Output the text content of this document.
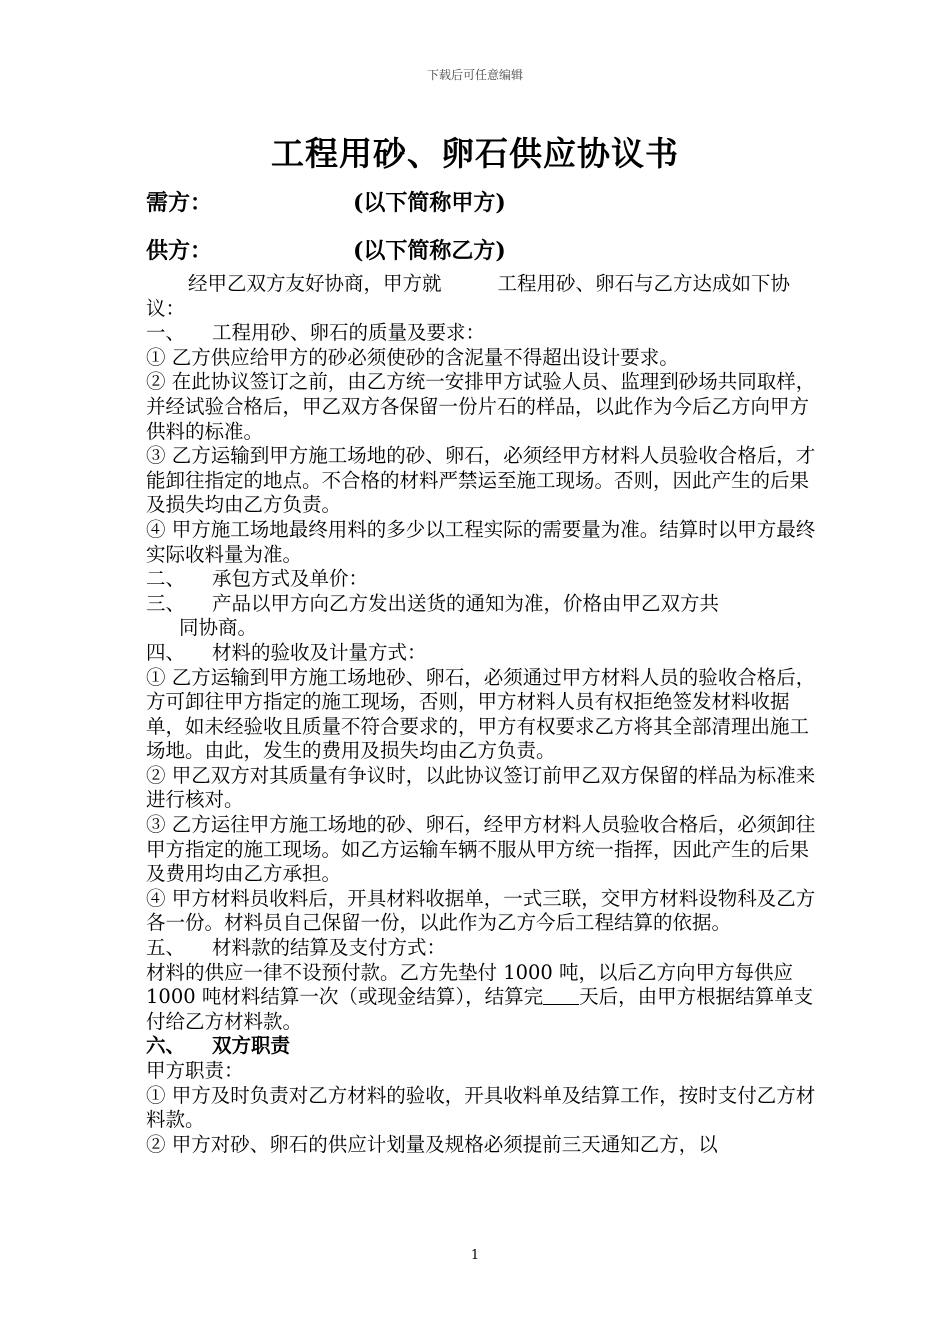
下载后可任意编辑
工程用砂、卵石供应协议书
需方：	(以下简称甲方)
供方：	(以下简称乙方)

经甲乙双方友好协商，甲方就	工程用砂、卵石与乙方达成如下协议：

一、 工程用砂、卵石的质量及要求：

① 乙方供应给甲方的砂必须使砂的含泥量不得超出设计要求。

② 在此协议签订之前，由乙方统一安排甲方试验人员、监理到砂场共同取样，并经试验合格后，甲乙双方各保留一份片石的样品，以此作为今后乙方向甲方供料的标准。

③ 乙方运输到甲方施工场地的砂、卵石，必须经甲方材料人员验收合格后，才能卸往指定的地点。不合格的材料严禁运至施工现场。否则，因此产生的后果及损失均由乙方负责。

④ 甲方施工场地最终用料的多少以工程实际的需要量为准。结算时以甲方最终实际收料量为准。

二、 承包方式及单价：

三、 产品以甲方向乙方发出送货的通知为准，价格由甲乙双方共

同协商。

四、 材料的验收及计量方式：

① 乙方运输到甲方施工场地砂、卵石，必须通过甲方材料人员的验收合格后，方可卸往甲方指定的施工现场，否则，甲方材料人员有权拒绝签发材料收据单，如未经验收且质量不符合要求的，甲方有权要求乙方将其全部清理出施工场地。由此，发生的费用及损失均由乙方负责。

② 甲乙双方对其质量有争议时，以此协议签订前甲乙双方保留的样品为标准来进行核对。

③ 乙方运往甲方施工场地的砂、卵石，经甲方材料人员验收合格后，必须卸往甲方指定的施工现场。如乙方运输车辆不服从甲方统一指挥，因此产生的后果及费用均由乙方承担。

④ 甲方材料员收料后，开具材料收据单，一式三联，交甲方材料设物科及乙方各一份。材料员自己保留一份，以此作为乙方今后工程结算的依据。

五、 材料款的结算及支付方式：

材料的供应一律不设预付款。乙方先垫付 1000 吨，以后乙方向甲方每供应 1000 吨材料结算一次（或现金结算），结算完 天后，由甲方根据结算单支付给乙方材料款。

六、 双方职责

甲方职责：

① 甲方及时负责对乙方材料的验收，开具收料单及结算工作，按时支付乙方材料款。

② 甲方对砂、卵石的供应计划量及规格必须提前三天通知乙方，以

1
